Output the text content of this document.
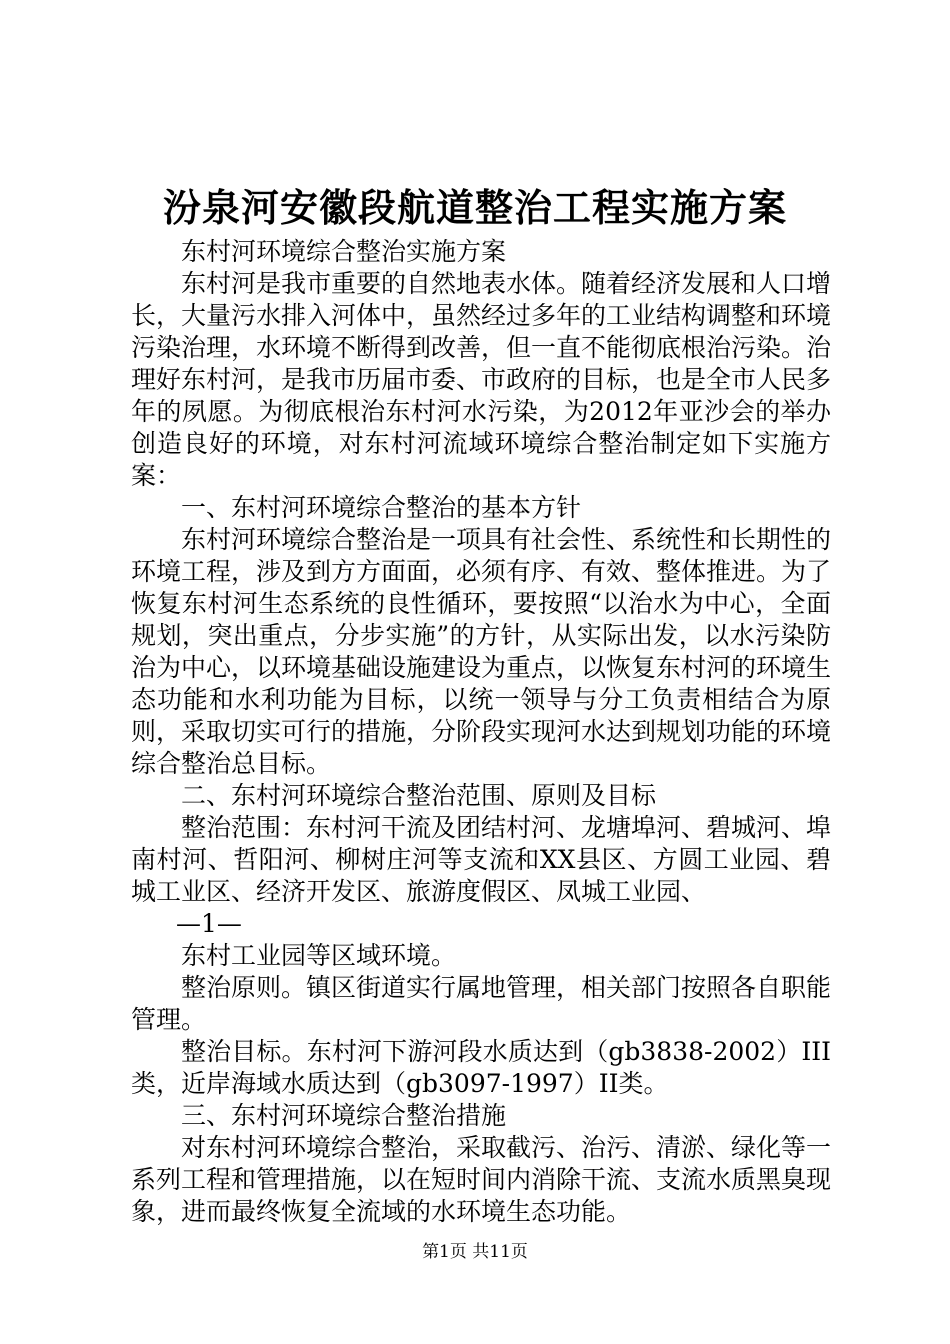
汾泉河安徽段航道整治工程实施方案

东村河环境综合整治实施方案

东村河是我市重要的自然地表水体。随着经济发展和人口增长，大量污水排入河体中，虽然经过多年的工业结构调整和环境污染治理，水环境不断得到改善，但一直不能彻底根治污染。治理好东村河，是我市历届市委、市政府的目标，也是全市人民多年的夙愿。为彻底根治东村河水污染，为2012年亚沙会的举办创造良好的环境，对东村河流域环境综合整治制定如下实施方案：

一、东村河环境综合整治的基本方针

东村河环境综合整治是一项具有社会性、系统性和长期性的环境工程，涉及到方方面面，必须有序、有效、整体推进。为了恢复东村河生态系统的良性循环，要按照“以治水为中心，全面规划，突出重点，分步实施”的方针，从实际出发，以水污染防治为中心，以环境基础设施建设为重点，以恢复东村河的环境生态功能和水利功能为目标，以统一领导与分工负责相结合为原则，采取切实可行的措施，分阶段实现河水达到规划功能的环境综合整治总目标。

二、东村河环境综合整治范围、原则及目标

整治范围：东村河干流及团结村河、龙塘埠河、碧城河、埠南村河、哲阳河、柳树庄河等支流和XX县区、方圆工业园、碧城工业区、经济开发区、旅游度假区、凤城工业园、

—1—

东村工业园等区域环境。

整治原则。镇区街道实行属地管理，相关部门按照各自职能管理。

整治目标。东村河下游河段水质达到（gb3838-2002）III类，近岸海域水质达到（gb3097-1997）II类。

三、东村河环境综合整治措施

对东村河环境综合整治，采取截污、治污、清淤、绿化等一系列工程和管理措施，以在短时间内消除干流、支流水质黑臭现象，进而最终恢复全流域的水环境生态功能。

第1页 共11页
